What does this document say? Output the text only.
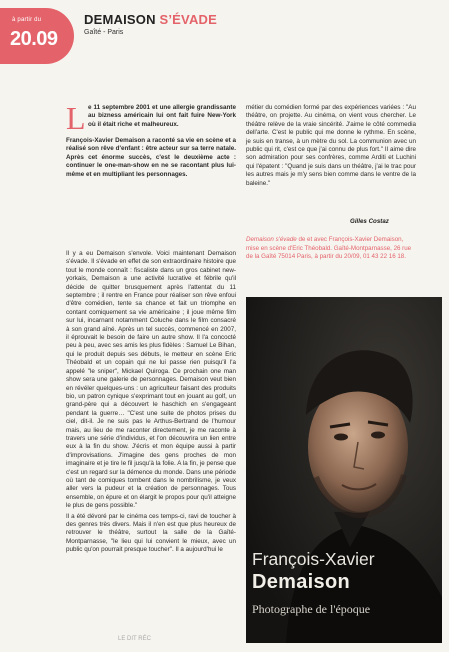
à partir du
20.09
DEMAISON S’ÉVADE
Gaîté - Paris
L e 11 septembre 2001 et une allergie grandissante au bizness américain lui ont fait fuire New-York où il était riche et malheureux.

François-Xavier Demaison a raconté sa vie en scène et a réalisé son rêve d'enfant : être acteur sur sa terre natale. Après cet énorme succès, c'est le deuxième acte : continuer le one-man-show en ne se racontant plus lui-même et en multipliant les personnages.

Il y a eu Demaison s'envole. Voici maintenant Demaison s'évade. Il s'évade en effet de son extraordinaire histoire que tout le monde connaît : fiscaliste dans un gros cabinet new-yorkais, Demaison a une activité lucrative et fébrile qu'il décide de quitter brusquement après l'attentat du 11 septembre ; il rentre en France pour réaliser son rêve enfoui d'être comédien, tente sa chance et fait un triomphe en contant comiquement sa vie américaine ; il joue même film sur lui, incarnant notamment Coluche dans le film consacré à son grand aîné. Après un tel succès, commencé en 2007, il éprouvait le besoin de faire un autre show. Il l'a concocté peu à peu, avec ses amis les plus fidèles : Samuel Le Bihan, qui le produit depuis ses débuts, le metteur en scène Eric Théobald et un copain qui ne lui passe rien puisqu'il l'a appelé "le sniper", Mickael Quiroga. Ce prochain one man show sera une galerie de personnages. Demaison veut bien en révéler quelques-uns : un agriculteur faisant des produits bio, un patron cynique s'exprimant tout en jouant au golf, un grand-père qui a découvert le haschich en s'engageant pendant la guerre… "C'est une suite de photos prises du ciel, dit-il. Je ne suis pas le Arthus-Bertrand de l'humour mais, au lieu de me raconter directement, je me raconte à travers une série d'individus, et l'on découvrira un lien entre eux à la fin du show. J'écris et mon équipe aussi à partir d'improvisations. J'imagine des gens proches de mon imaginaire et je tire le fil jusqu'à la folie. A la fin, je pense que c'est un regard sur la démence du monde. Dans une période où tant de comiques tombent dans le nombrilisme, je veux aller vers la pudeur et la création de personnages. Tous ensemble, on épure et on élargit le propos pour qu'il atteigne le plus de gens possible."

Il a été dévoré par le cinéma ces temps-ci, ravi de toucher à des genres très divers. Mais il n'en est que plus heureux de retrouver le théâtre, surtout la salle de la Gaîté-Montparnasse, "le lieu qui lui convient le mieux, avec un public qu'on pourrait presque toucher". Il a aujourd'hui le

métier du comédien formé par des expériences variées : "Au théâtre, on projette. Au cinéma, on vient vous chercher. Le théâtre relève de la vraie sincérité. J'aime le côté commedia dell'arte. C'est le public qui me donne le rythme. En scène, je suis en transe, à un mètre du sol. La communion avec un public qui rit, c'est ce que j'ai connu de plus fort." Il aime dire son admiration pour ses confrères, comme Arditi et Luchini qui l'épatent : "Quand je suis dans un théâtre, j'ai le trac pour les autres mais je m'y sens bien comme dans le ventre de la baleine."

Gilles Costaz

Demaison s'évade de et avec François-Xavier Demaison, mise en scène d'Eric Théobald. Gaîté-Montparnasse, 26 rue de la Gaîté 75014 Paris, à partir du 20/09, 01 43 22 16 18.

François-Xavier
Demaison
Photographe de l'époque
LE DIT RÉC
